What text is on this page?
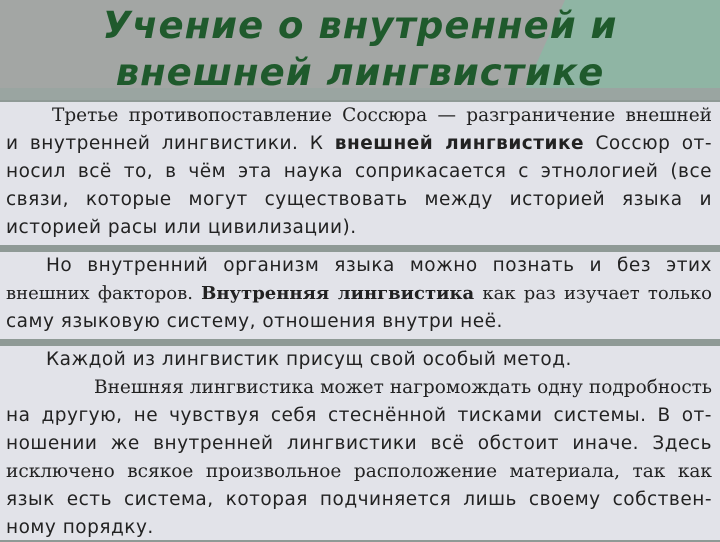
Учение о внутренней и
внешней лингвистике
Третье противопоставление Соссюра — разграничение внешней
и внутренней лингвистики. К внешней лингвистике Соссюр от-
носил всё то, в чём эта наука соприкасается с этнологией (все
связи, которые могут существовать между историей языка и
историей расы или цивилизации).
Но внутренний организм языка можно познать и без этих
внешних факторов. Внутренняя лингвистика как раз изучает только
саму языковую систему, отношения внутри неё.
Каждой из лингвистик присущ свой особый метод.
Внешняя лингвистика может нагромождать одну подробность
на другую, не чувствуя себя стеснённой тисками системы. В от-
ношении же внутренней лингвистики всё обстоит иначе. Здесь
исключено всякое произвольное расположение материала, так как
язык есть система, которая подчиняется лишь своему собствен-
ному порядку.
